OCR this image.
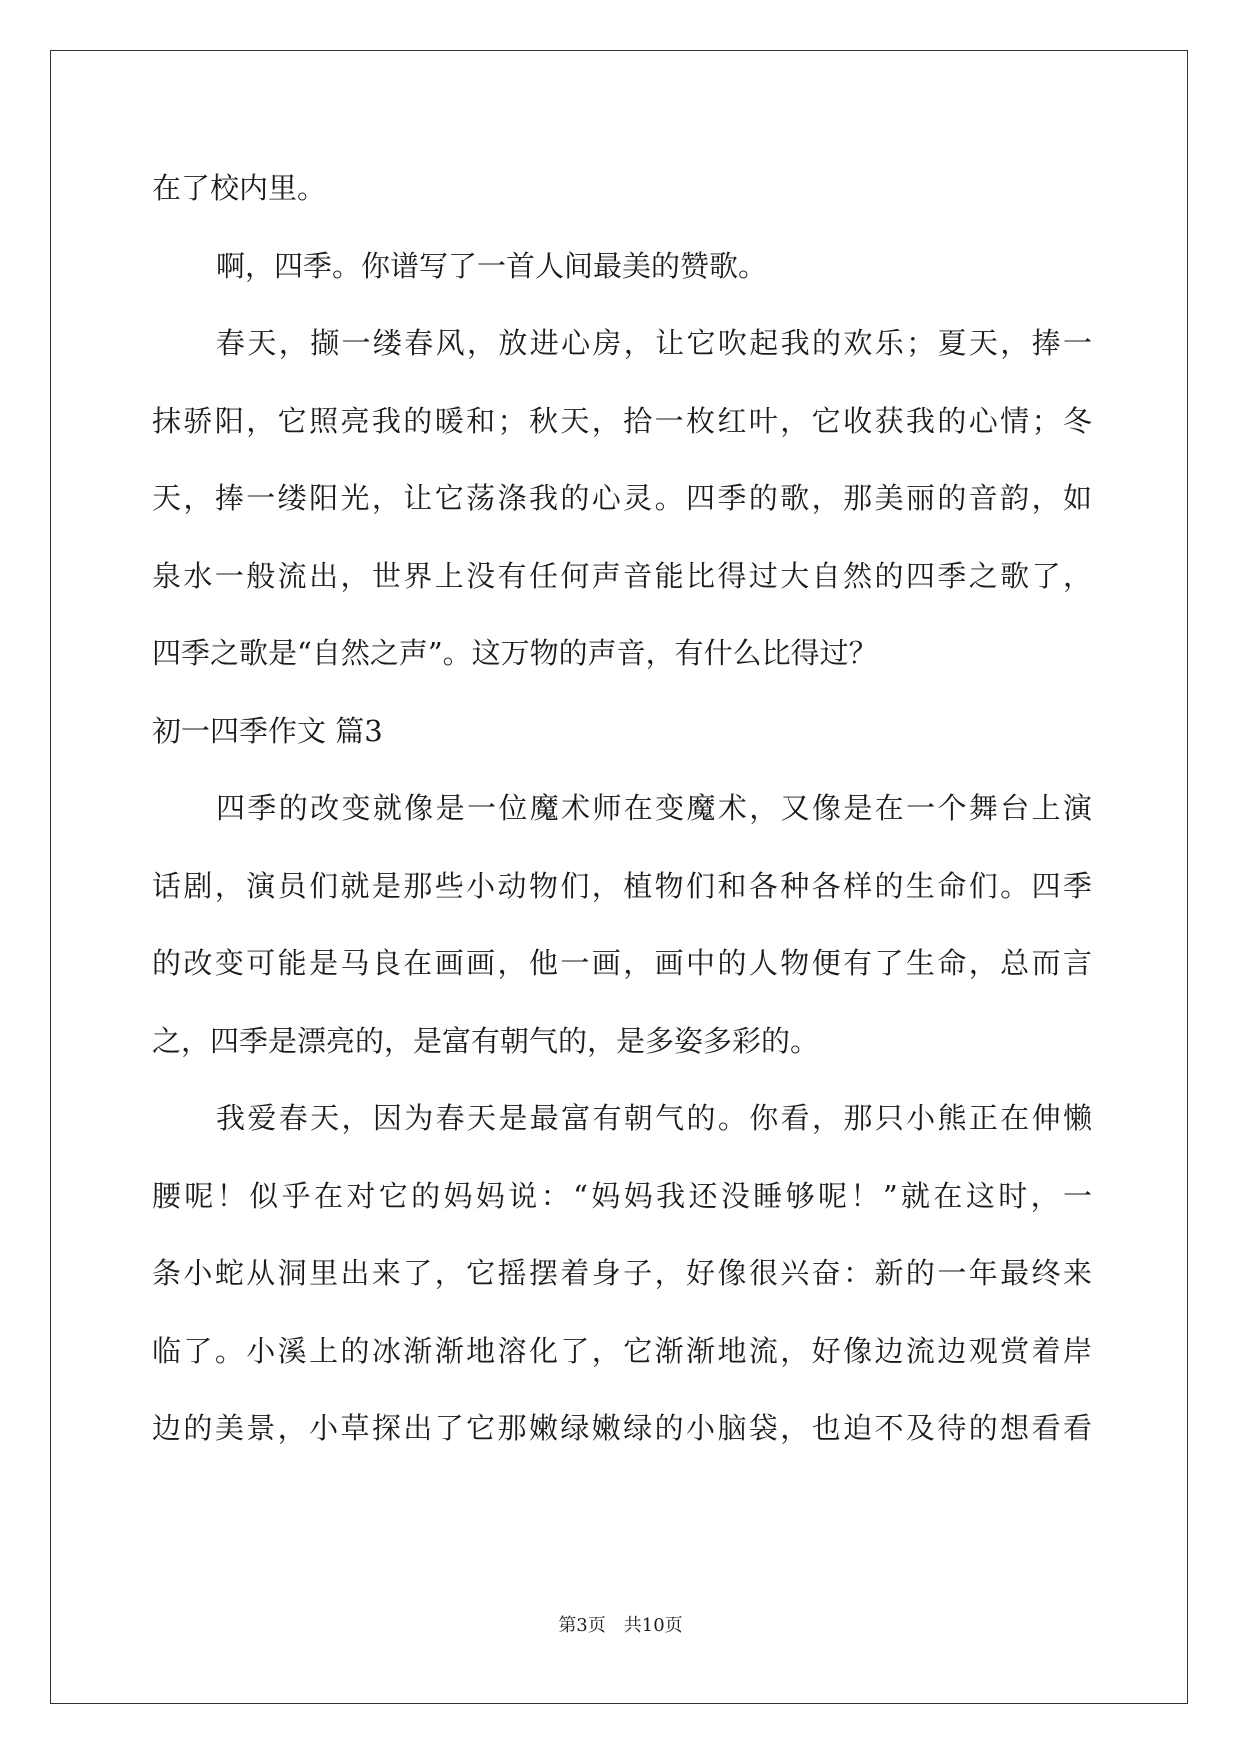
在了校内里。

啊，四季。你谱写了一首人间最美的赞歌。

春天，撷一缕春风，放进心房，让它吹起我的欢乐；夏天，捧一

抹骄阳，它照亮我的暖和；秋天，拾一枚红叶，它收获我的心情；冬

天，捧一缕阳光，让它荡涤我的心灵。四季的歌，那美丽的音韵，如

泉水一般流出，世界上没有任何声音能比得过大自然的四季之歌了，

四季之歌是“自然之声”。这万物的声音，有什么比得过？

初一四季作文 篇3

四季的改变就像是一位魔术师在变魔术，又像是在一个舞台上演

话剧，演员们就是那些小动物们，植物们和各种各样的生命们。四季

的改变可能是马良在画画，他一画，画中的人物便有了生命，总而言

之，四季是漂亮的，是富有朝气的，是多姿多彩的。

我爱春天，因为春天是最富有朝气的。你看，那只小熊正在伸懒

腰呢！似乎在对它的妈妈说：“妈妈我还没睡够呢！”就在这时，一

条小蛇从洞里出来了，它摇摆着身子，好像很兴奋：新的一年最终来

临了。小溪上的冰渐渐地溶化了，它渐渐地流，好像边流边观赏着岸

边的美景，小草探出了它那嫩绿嫩绿的小脑袋，也迫不及待的想看看

第3页　共10页
